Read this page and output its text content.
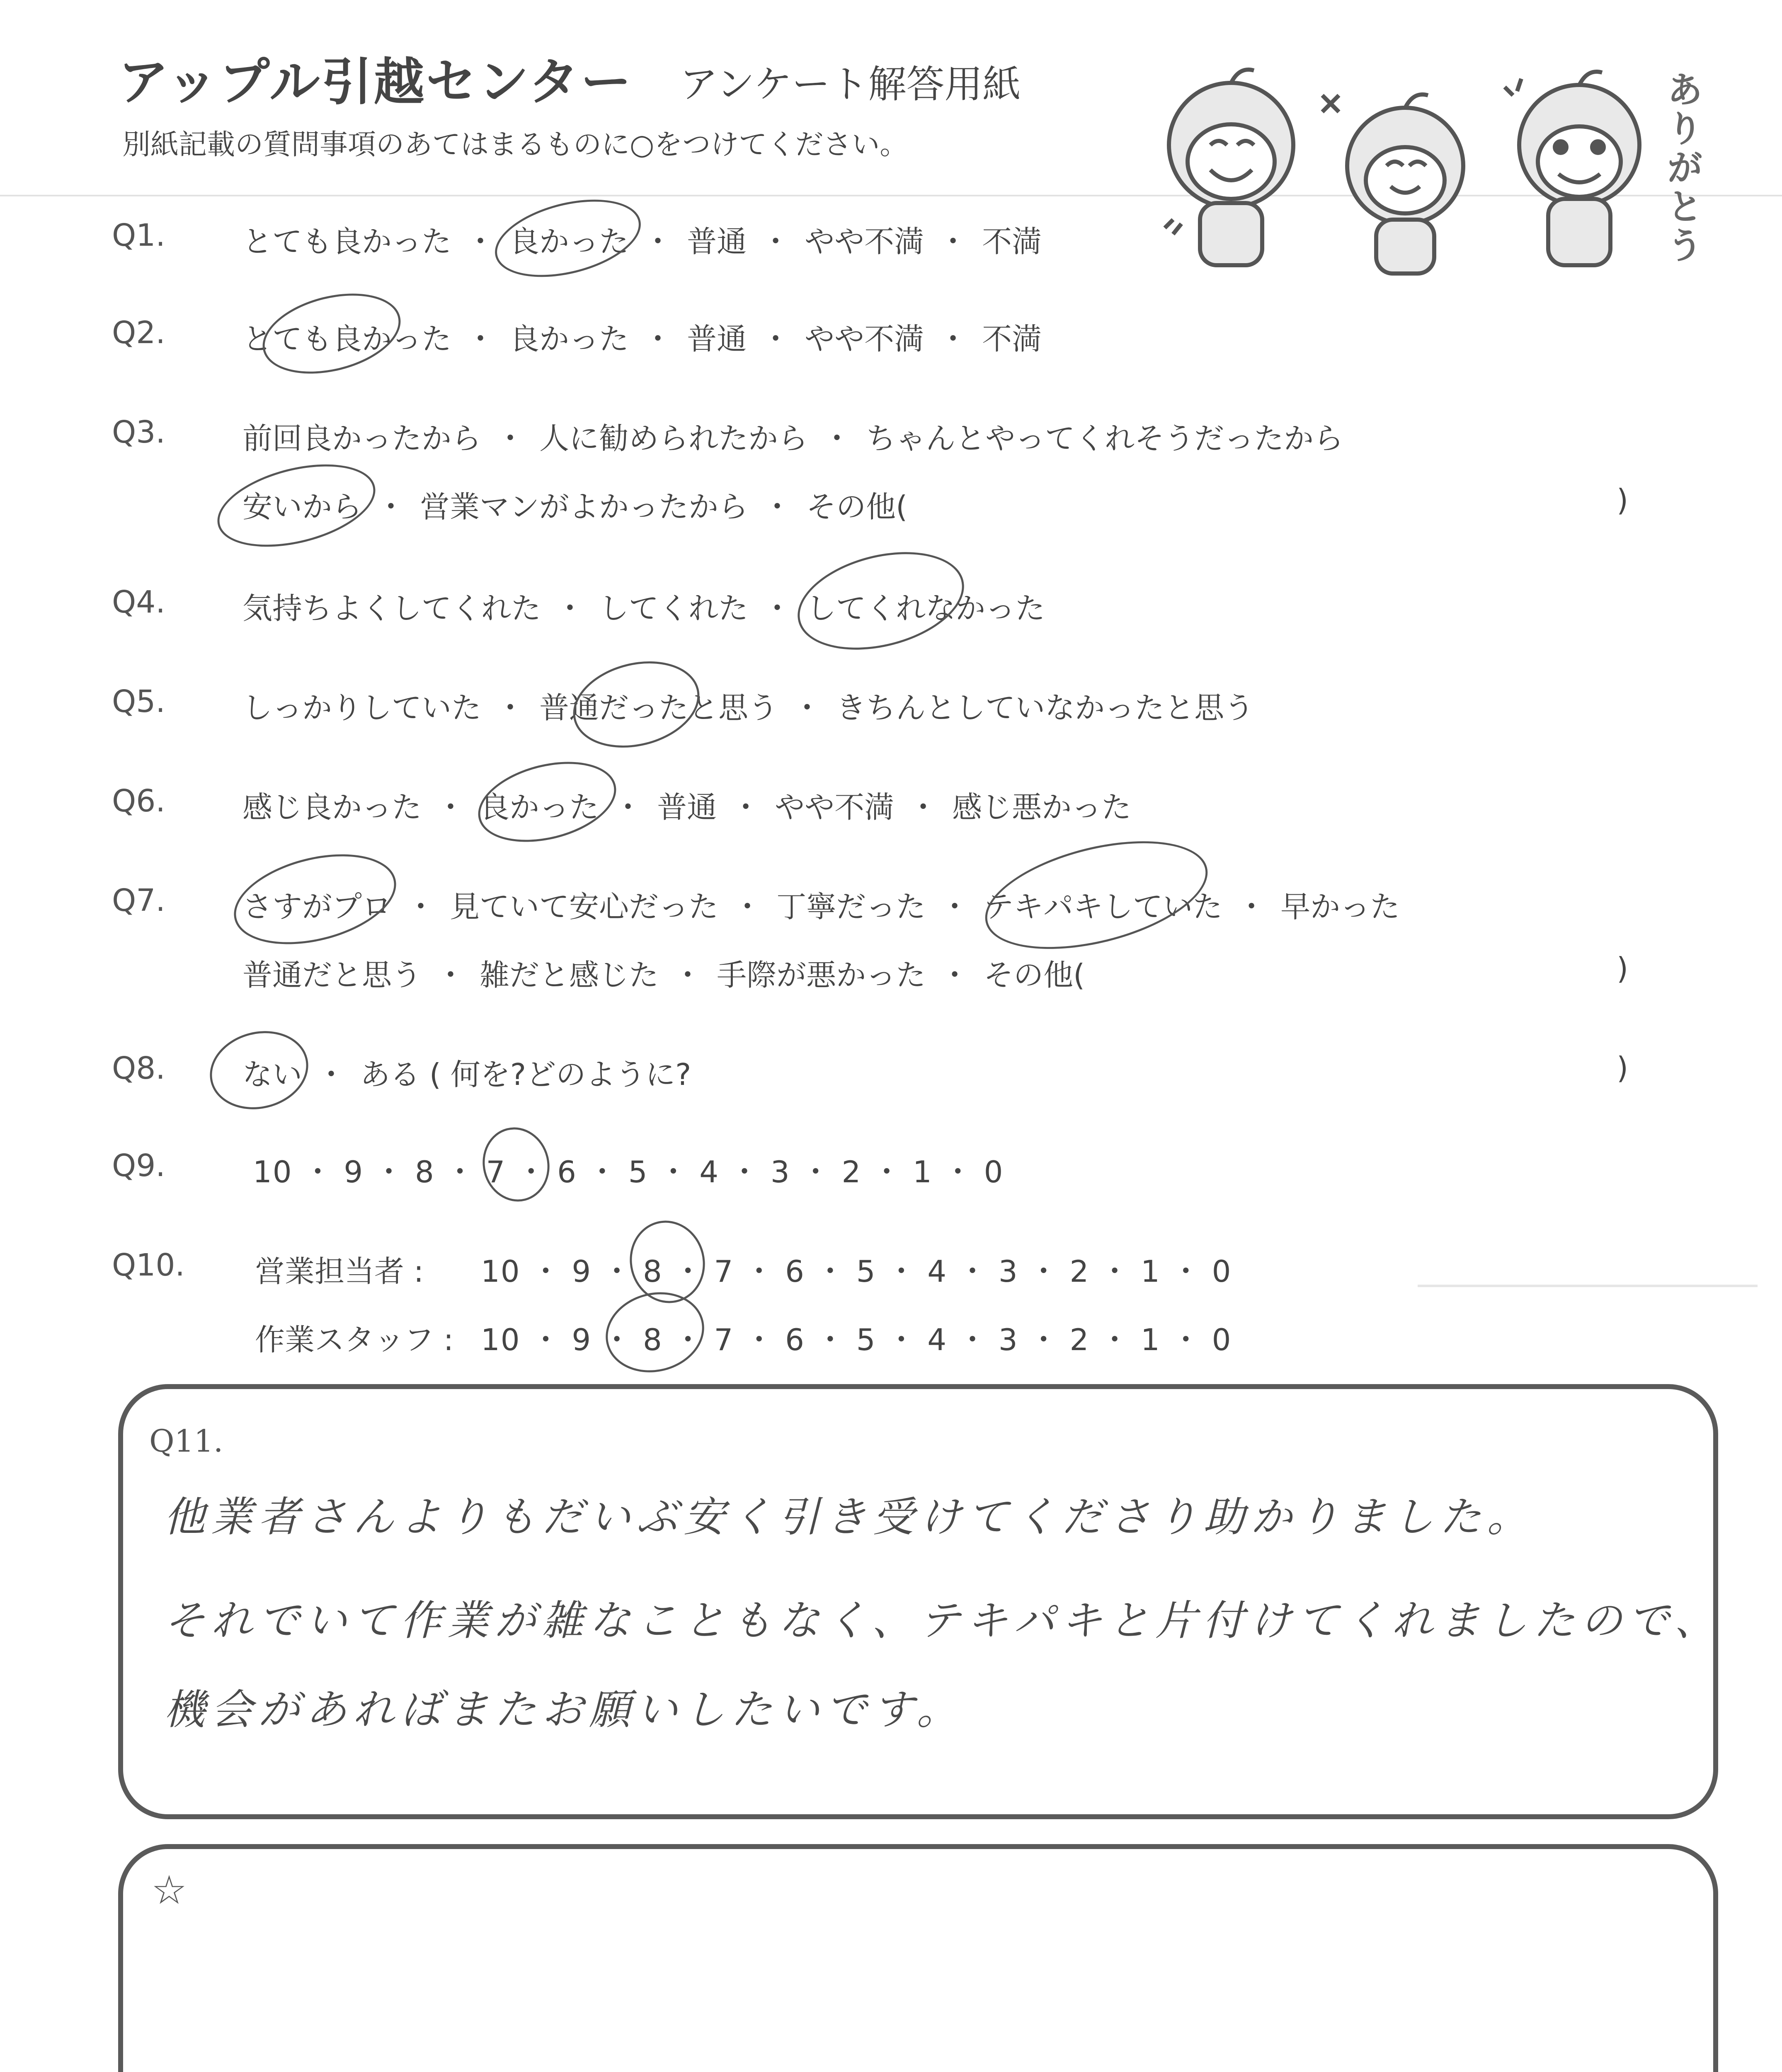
アップル引越センター アンケート解答用紙
別紙記載の質問事項のあてはまるものに○をつけてください。	ありがとう
Q1.	とても良かった ・ 良かった ・ 普通 ・ やや不満 ・ 不満
Q2.	とても良かった ・ 良かった ・ 普通 ・ やや不満 ・ 不満
Q3.	前回良かったから ・ 人に勧められたから ・ ちゃんとやってくれそうだったから
安いから ・ 営業マンがよかったから ・ その他(	)
Q4.	気持ちよくしてくれた ・ してくれた ・ してくれなかった
Q5.	しっかりしていた ・ 普通だったと思う ・ きちんとしていなかったと思う
Q6.	感じ良かった ・ 良かった ・ 普通 ・ やや不満 ・ 感じ悪かった
Q7.	さすがプロ ・ 見ていて安心だった ・ 丁寧だった ・ テキパキしていた ・ 早かった
普通だと思う ・ 雑だと感じた ・ 手際が悪かった ・ その他(	)
Q8.	ない ・ ある ( 何を?どのように?	)
Q9.	10 ・ 9 ・ 8 ・ 7 ・ 6 ・ 5 ・ 4 ・ 3 ・ 2 ・ 1 ・ 0
Q10. 営業担当者 : 10 ・ 9 ・ 8 ・ 7 ・ 6 ・ 5 ・ 4 ・ 3 ・ 2 ・ 1 ・ 0
作業スタッフ : 10 ・ 9 ・ 8 ・ 7 ・ 6 ・ 5 ・ 4 ・ 3 ・ 2 ・ 1 ・ 0
Q11.
他業者さんよりもだいぶ安く引き受けてくださり助かりました。
それでいて作業が雑なこともなく、テキパキと片付けてくれましたので、
機会があればまたお願いしたいです。
☆
